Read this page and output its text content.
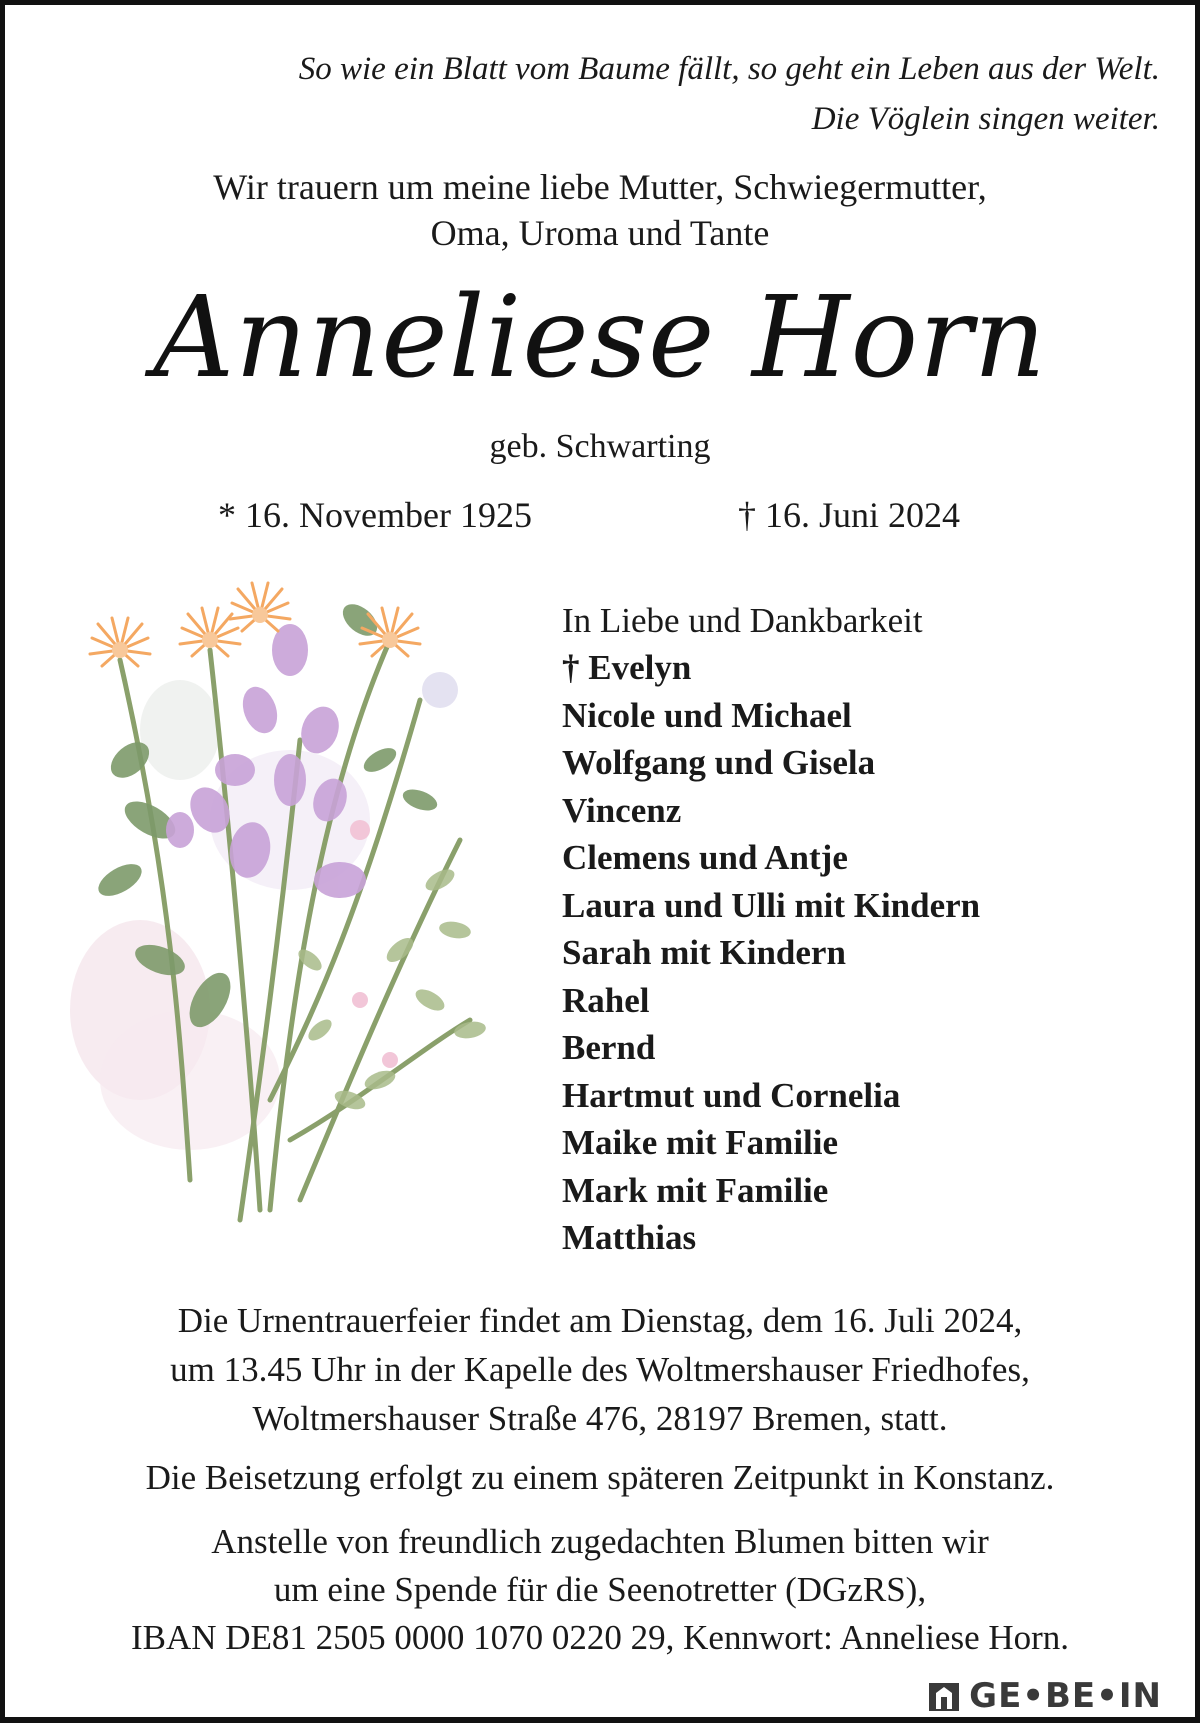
So wie ein Blatt vom Baume fällt, so geht ein Leben aus der Welt.
Die Vöglein singen weiter.
Wir trauern um meine liebe Mutter, Schwiegermutter,
Oma, Uroma und Tante
Anneliese Horn
geb. Schwarting
* 16. November 1925	† 16. Juni 2024
In Liebe und Dankbarkeit
† Evelyn
Nicole und Michael
Wolfgang und Gisela
Vincenz
Clemens und Antje
Laura und Ulli mit Kindern
Sarah mit Kindern
Rahel
Bernd
Hartmut und Cornelia
Maike mit Familie
Mark mit Familie
Matthias
Die Urnentrauerfeier findet am Dienstag, dem 16. Juli 2024,
um 13.45 Uhr in der Kapelle des Woltmershauser Friedhofes,
Woltmershauser Straße 476, 28197 Bremen, statt.
Die Beisetzung erfolgt zu einem späteren Zeitpunkt in Konstanz.
Anstelle von freundlich zugedachten Blumen bitten wir
um eine Spende für die Seenotretter (DGzRS),
IBAN DE81 2505 0000 1070 0220 29, Kennwort: Anneliese Horn.
GE•BE•IN
